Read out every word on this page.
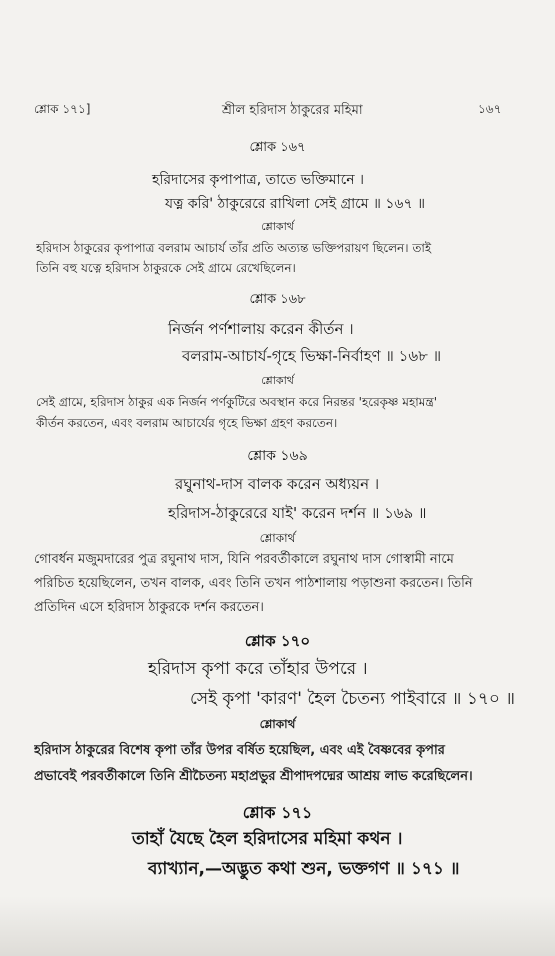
শ্লোক ১৭১]	শ্রীল হরিদাস ঠাকুরের মহিমা	১৬৭
শ্লোক ১৬৭
হরিদাসের কৃপাপাত্র, তাতে ভক্তিমানে ।
যত্ন করি' ঠাকুরেরে রাখিলা সেই গ্রামে ॥ ১৬৭ ॥
শ্লোকার্থ
হরিদাস ঠাকুরের কৃপাপাত্র বলরাম আচার্য তাঁর প্রতি অত্যন্ত ভক্তিপরায়ণ ছিলেন। তাই
তিনি বহু যত্নে হরিদাস ঠাকুরকে সেই গ্রামে রেখেছিলেন।
শ্লোক ১৬৮
নির্জন পর্ণশালায় করেন কীর্তন ।
বলরাম-আচার্য-গৃহে ভিক্ষা-নির্বাহণ ॥ ১৬৮ ॥
শ্লোকার্থ
সেই গ্রামে, হরিদাস ঠাকুর এক নির্জন পর্ণকুটিরে অবস্থান করে নিরন্তর 'হরেকৃষ্ণ মহামন্ত্র'
কীর্তন করতেন, এবং বলরাম আচার্যের গৃহে ভিক্ষা গ্রহণ করতেন।
শ্লোক ১৬৯
রঘুনাথ-দাস বালক করেন অধ্যয়ন ।
হরিদাস-ঠাকুরেরে যাই' করেন দর্শন ॥ ১৬৯ ॥
শ্লোকার্থ
গোবর্ধন মজুমদারের পুত্র রঘুনাথ দাস, যিনি পরবর্তীকালে রঘুনাথ দাস গোস্বামী নামে
পরিচিত হয়েছিলেন, তখন বালক, এবং তিনি তখন পাঠশালায় পড়াশুনা করতেন। তিনি
প্রতিদিন এসে হরিদাস ঠাকুরকে দর্শন করতেন।
শ্লোক ১৭০
হরিদাস কৃপা করে তাঁহার উপরে ।
সেই কৃপা 'কারণ' হৈল চৈতন্য পাইবারে ॥ ১৭০ ॥
শ্লোকার্থ
হরিদাস ঠাকুরের বিশেষ কৃপা তাঁর উপর বর্ষিত হয়েছিল, এবং এই বৈষ্ণবের কৃপার
প্রভাবেই পরবর্তীকালে তিনি শ্রীচৈতন্য মহাপ্রভুর শ্রীপাদপদ্মের আশ্রয় লাভ করেছিলেন।
শ্লোক ১৭১
তাহাঁ যৈছে হৈল হরিদাসের মহিমা কথন ।
ব্যাখ্যান,—অদ্ভুত কথা শুন, ভক্তগণ ॥ ১৭১ ॥
